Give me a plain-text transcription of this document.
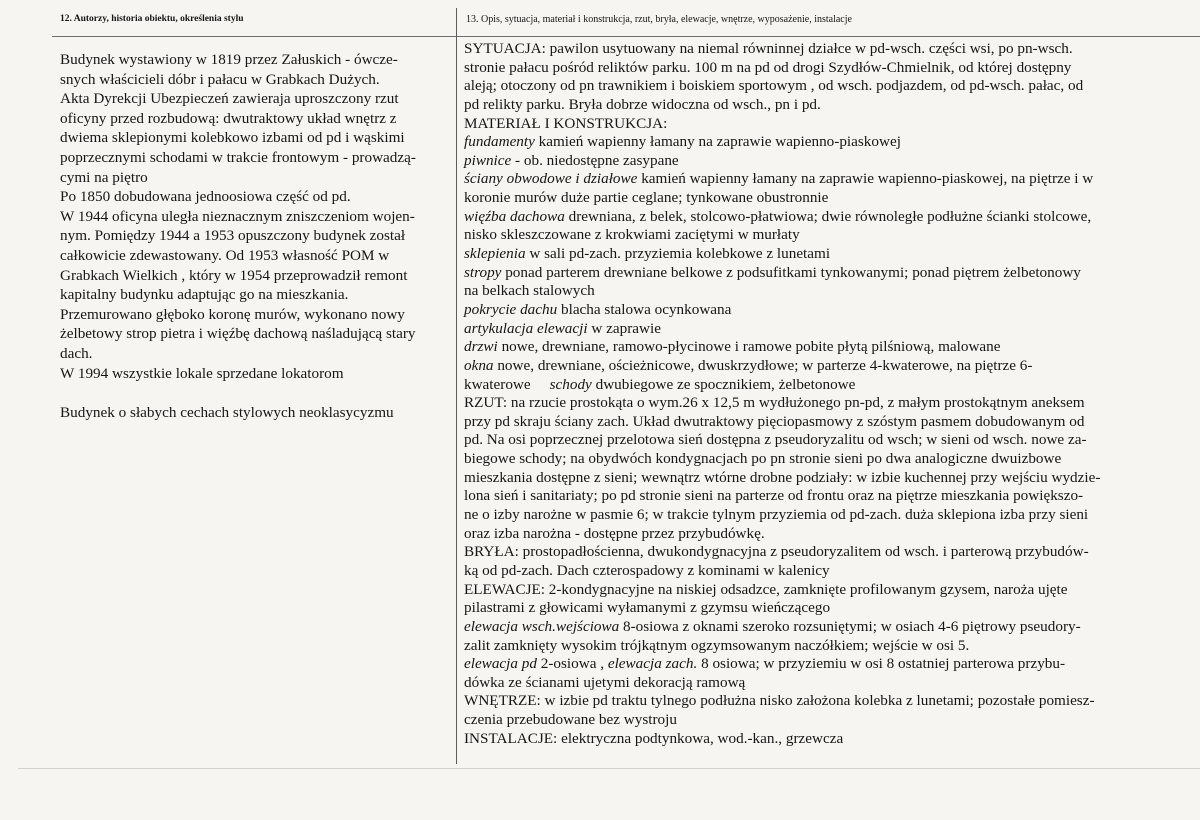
12. Autorzy, historia obiektu, określenia stylu	13. Opis, sytuacja, materiał i konstrukcja, rzut, bryła, elewacje, wnętrze, wyposażenie, instalacje
Budynek wystawiony w 1819 przez Załuskich - ówcze-
snych właścicieli dóbr i pałacu w Grabkach Dużych.
Akta Dyrekcji Ubezpieczeń zawieraja uproszczony rzut
oficyny przed rozbudową: dwutraktowy układ wnętrz z
dwiema sklepionymi kolebkowo izbami od pd i wąskimi
poprzecznymi schodami w trakcie frontowym - prowadzą-
cymi na piętro
Po 1850 dobudowana jednoosiowa część od pd.
W 1944 oficyna uległa nieznacznym zniszczeniom wojen-
nym. Pomiędzy 1944 a 1953 opuszczony budynek został
całkowicie zdewastowany. Od 1953 własność POM w
Grabkach Wielkich , który w 1954 przeprowadził remont
kapitalny budynku adaptując go na mieszkania.
Przemurowano głęboko koronę murów, wykonano nowy
żelbetowy strop pietra i więźbę dachową naśladującą stary
dach.
W 1994 wszystkie lokale sprzedane lokatorom
Budynek o słabych cechach stylowych neoklasycyzmu
SYTUACJA: pawilon usytuowany na niemal równinnej działce w pd-wsch. części wsi, po pn-wsch.
stronie pałacu pośród reliktów parku. 100 m na pd od drogi Szydłów-Chmielnik, od której dostępny
aleją; otoczony od pn trawnikiem i boiskiem sportowym , od wsch. podjazdem, od pd-wsch. pałac, od
pd relikty parku. Bryła dobrze widoczna od wsch., pn i pd.
MATERIAŁ I KONSTRUKCJA:
fundamenty kamień wapienny łamany na zaprawie wapienno-piaskowej
piwnice - ob. niedostępne zasypane
ściany obwodowe i działowe kamień wapienny łamany na zaprawie wapienno-piaskowej, na piętrze i w
koronie murów duże partie ceglane; tynkowane obustronnie
więźba dachowa drewniana, z belek, stolcowo-płatwiowa; dwie równoległe podłużne ścianki stolcowe,
nisko skleszczowane z krokwiami zaciętymi w murłaty
sklepienia w sali pd-zach. przyziemia kolebkowe z lunetami
stropy ponad parterem drewniane belkowe z podsufitkami tynkowanymi; ponad piętrem żelbetonowy
na belkach stalowych
pokrycie dachu blacha stalowa ocynkowana
artykulacja elewacji w zaprawie
drzwi nowe, drewniane, ramowo-płycinowe i ramowe pobite płytą pilśniową, malowane
okna nowe, drewniane, ościeżnicowe, dwuskrzydłowe; w parterze 4-kwaterowe, na piętrze 6-
kwaterowe     schody dwubiegowe ze spocznikiem, żelbetonowe
RZUT: na rzucie prostokąta o wym.26 x 12,5 m wydłużonego pn-pd, z małym prostokątnym aneksem
przy pd skraju ściany zach. Układ dwutraktowy pięciopasmowy z szóstym pasmem dobudowanym od
pd. Na osi poprzecznej przelotowa sień dostępna z pseudoryzalitu od wsch; w sieni od wsch. nowe za-
biegowe schody; na obydwóch kondygnacjach po pn stronie sieni po dwa analogiczne dwuizbowe
mieszkania dostępne z sieni; wewnątrz wtórne drobne podziały: w izbie kuchennej przy wejściu wydzie-
lona sień i sanitariaty; po pd stronie sieni na parterze od frontu oraz na piętrze mieszkania powiększo-
ne o izby narożne w pasmie 6; w trakcie tylnym przyziemia od pd-zach. duża sklepiona izba przy sieni
oraz izba narożna - dostępne przez przybudówkę.
BRYŁA: prostopadłościenna, dwukondygnacyjna z pseudoryzalitem od wsch. i parterową przybudów-
ką od pd-zach. Dach czterospadowy z kominami w kalenicy
ELEWACJE: 2-kondygnacyjne na niskiej odsadzce, zamknięte profilowanym gzysem, naroża ujęte
pilastrami z głowicami wyłamanymi z gzymsu wieńczącego
elewacja wsch.wejściowa 8-osiowa z oknami szeroko rozsuniętymi; w osiach 4-6 piętrowy pseudory-
zalit zamknięty wysokim trójkątnym ogzymsowanym naczółkiem; wejście w osi 5.
elewacja pd 2-osiowa , elewacja zach. 8 osiowa; w przyziemiu w osi 8 ostatniej parterowa przybu-
dówka ze ścianami ujetymi dekoracją ramową
WNĘTRZE: w izbie pd traktu tylnego podłużna nisko założona kolebka z lunetami; pozostałe pomiesz-
czenia przebudowane bez wystroju
INSTALACJE: elektryczna podtynkowa, wod.-kan., grzewcza
